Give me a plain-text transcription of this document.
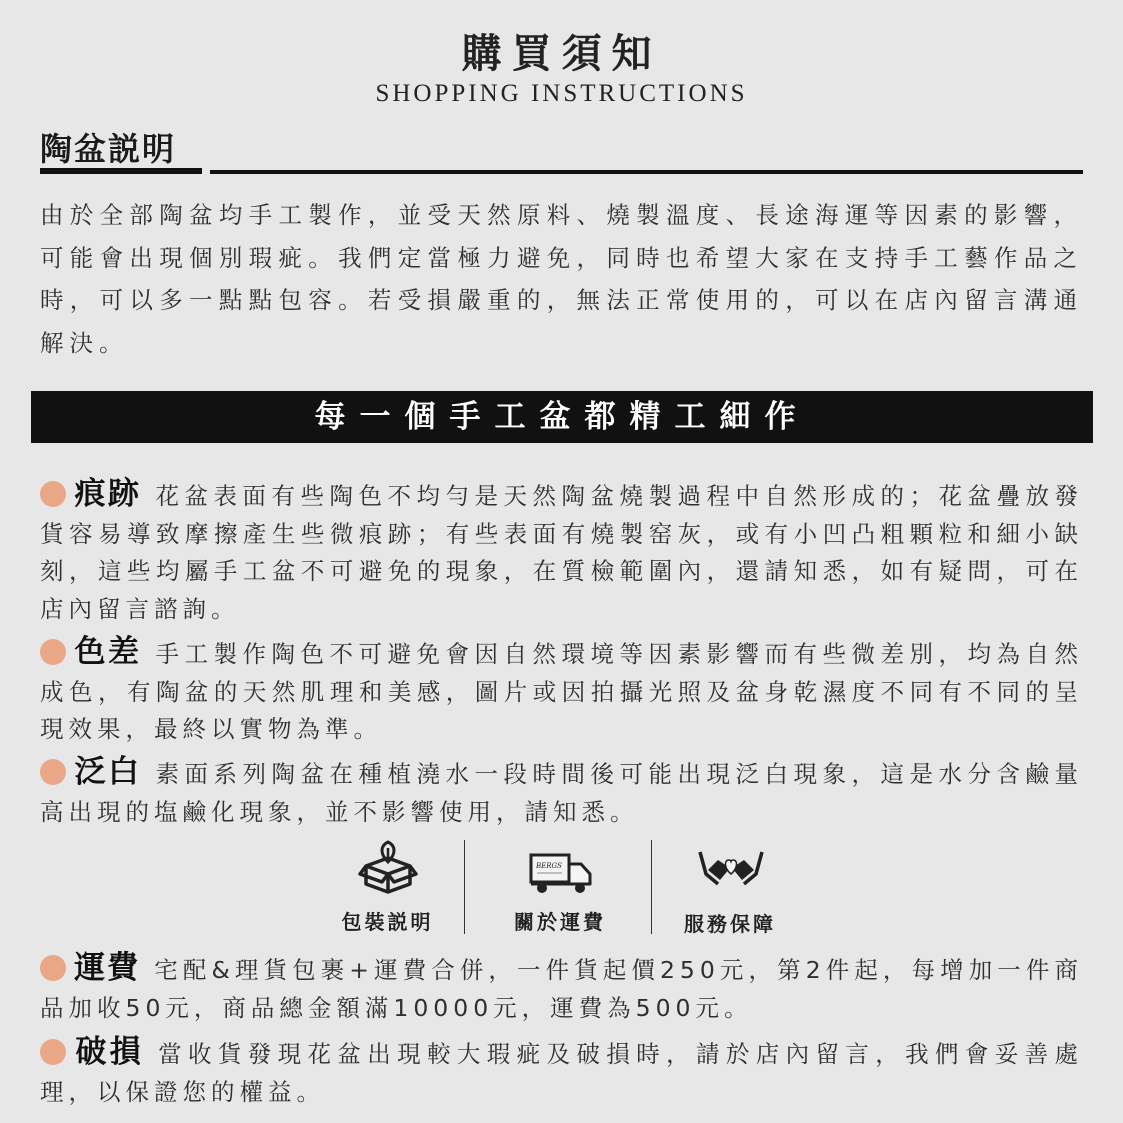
購買須知
SHOPPING INSTRUCTIONS
陶盆説明
由於全部陶盆均手工製作，並受天然原料、燒製溫度、長途海運等因素的影響，可能會出現個別瑕疵。我們定當極力避免，同時也希望大家在支持手工藝作品之時，可以多一點點包容。若受損嚴重的，無法正常使用的，可以在店內留言溝通解決。
每一個手工盆都精工細作
痕跡 花盆表面有些陶色不均勻是天然陶盆燒製過程中自然形成的；花盆疊放發貨容易導致摩擦產生些微痕跡；有些表面有燒製窑灰，或有小凹凸粗顆粒和細小缺刻，這些均屬手工盆不可避免的現象，在質檢範圍內，還請知悉，如有疑問，可在店內留言諮詢。
色差 手工製作陶色不可避免會因自然環境等因素影響而有些微差別，均為自然成色，有陶盆的天然肌理和美感，圖片或因拍攝光照及盆身乾濕度不同有不同的呈現效果，最終以實物為準。
泛白 素面系列陶盆在種植澆水一段時間後可能出現泛白現象，這是水分含鹼量高出現的塩鹼化現象，並不影響使用，請知悉。
包裝説明
BERGS
關於運費	服務保障
運費 宅配&理貨包裹+運費合併，一件貨起價250元，第2件起，每增加一件商品加收50元，商品總金額滿10000元，運費為500元。
破損 當收貨發現花盆出現較大瑕疵及破損時，請於店內留言，我們會妥善處理，以保證您的權益。
